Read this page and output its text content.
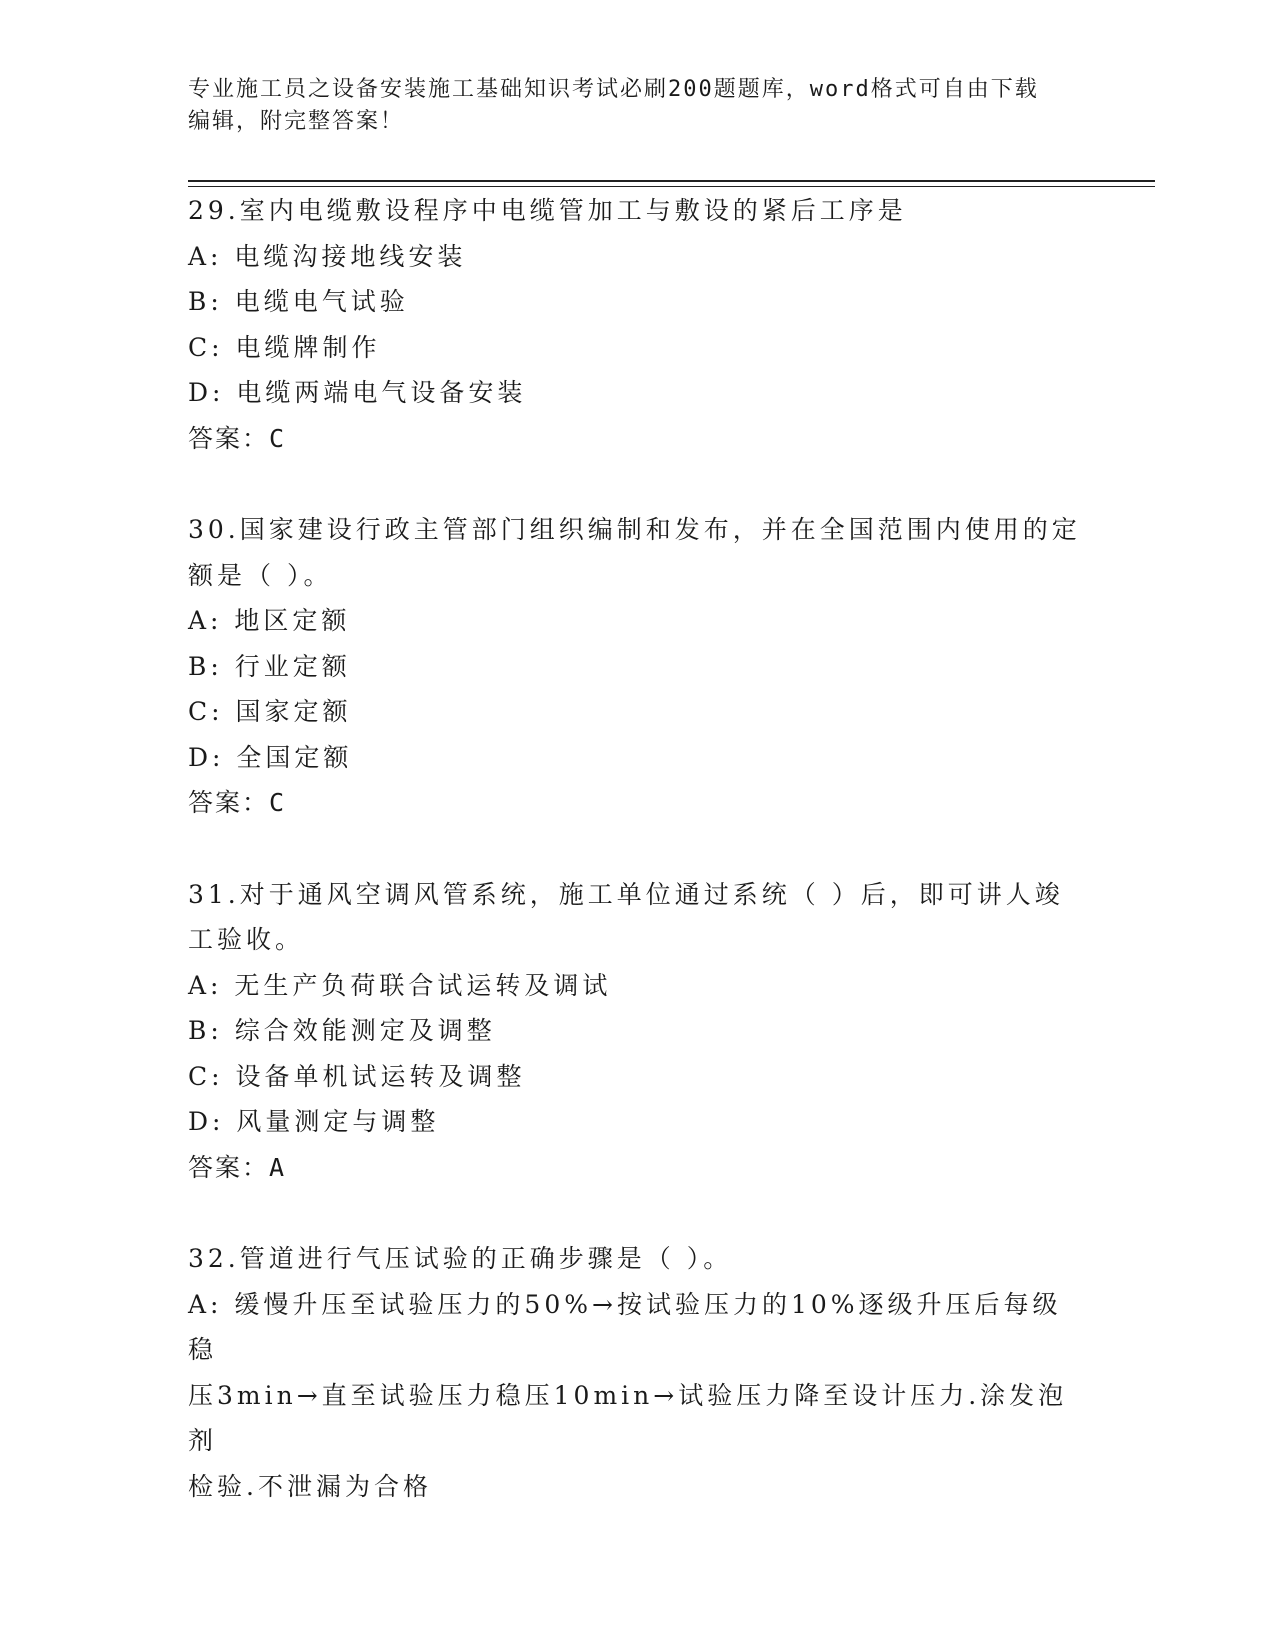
专业施工员之设备安装施工基础知识考试必刷200题题库，word格式可自由下载
编辑，附完整答案！
29.室内电缆敷设程序中电缆管加工与敷设的紧后工序是
A: 电缆沟接地线安装
B: 电缆电气试验
C: 电缆牌制作
D: 电缆两端电气设备安装
答案：C
30.国家建设行政主管部门组织编制和发布，并在全国范围内使用的定
额是（ ）。
A: 地区定额
B: 行业定额
C: 国家定额
D: 全国定额
答案：C
31.对于通风空调风管系统，施工单位通过系统（ ）后，即可讲人竣
工验收。
A: 无生产负荷联合试运转及调试
B: 综合效能测定及调整
C: 设备单机试运转及调整
D: 风量测定与调整
答案：A
32.管道进行气压试验的正确步骤是（ ）。
A: 缓慢升压至试验压力的50%→按试验压力的10%逐级升压后每级稳
压3min→直至试验压力稳压10min→试验压力降至设计压力.涂发泡剂
检验.不泄漏为合格
